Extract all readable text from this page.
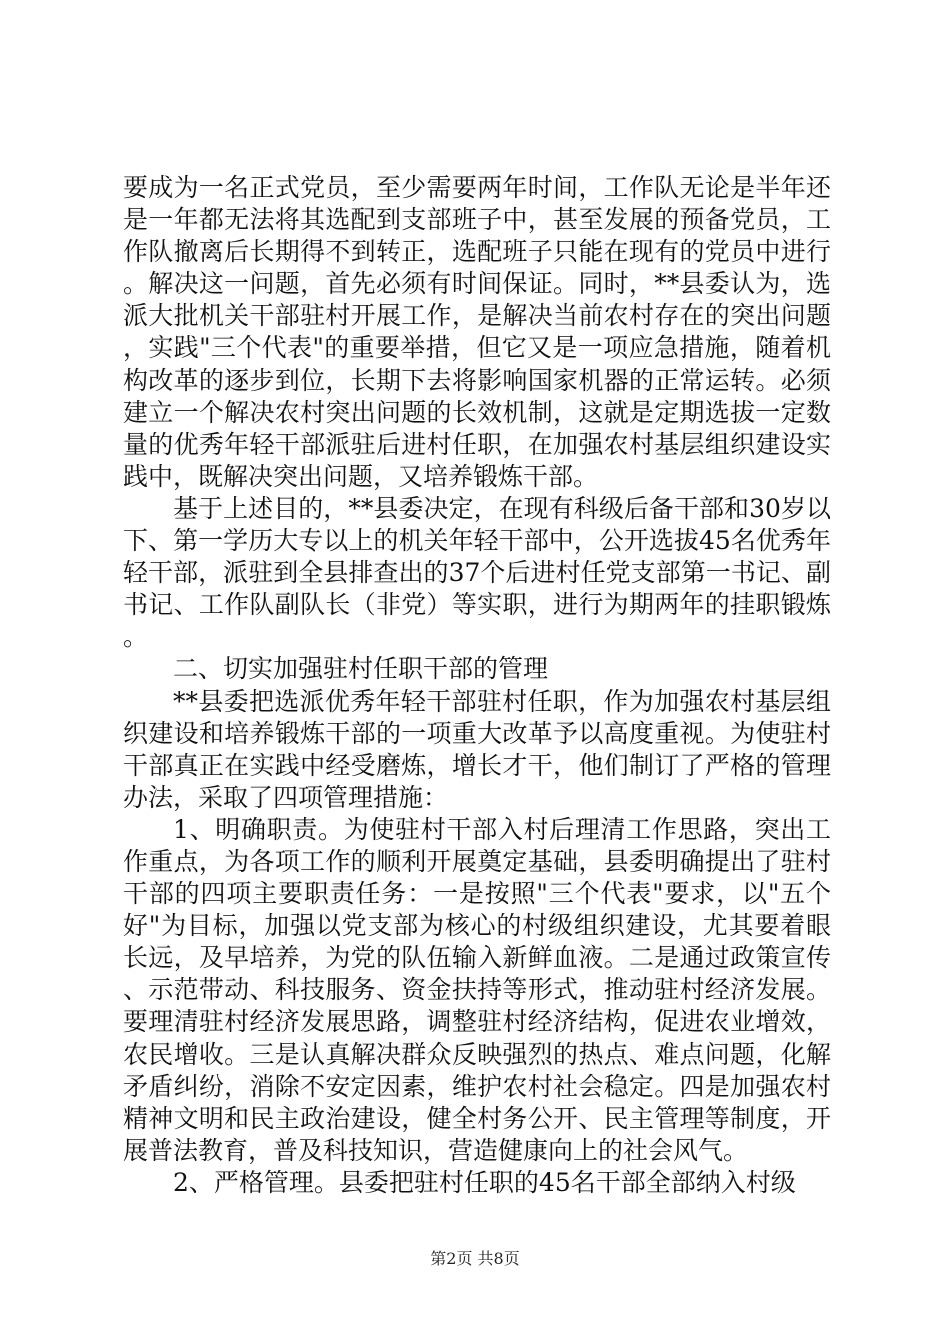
要成为一名正式党员，至少需要两年时间，工作队无论是半年还是一年都无法将其选配到支部班子中，甚至发展的预备党员，工作队撤离后长期得不到转正，选配班子只能在现有的党员中进行。解决这一问题，首先必须有时间保证。同时，**县委认为，选派大批机关干部驻村开展工作，是解决当前农村存在的突出问题，实践"三个代表"的重要举措，但它又是一项应急措施，随着机构改革的逐步到位，长期下去将影响国家机器的正常运转。必须建立一个解决农村突出问题的长效机制，这就是定期选拔一定数量的优秀年轻干部派驻后进村任职，在加强农村基层组织建设实践中，既解决突出问题，又培养锻炼干部。

基于上述目的，**县委决定，在现有科级后备干部和30岁以下、第一学历大专以上的机关年轻干部中，公开选拔45名优秀年轻干部，派驻到全县排查出的37个后进村任党支部第一书记、副书记、工作队副队长（非党）等实职，进行为期两年的挂职锻炼。

二、切实加强驻村任职干部的管理

**县委把选派优秀年轻干部驻村任职，作为加强农村基层组织建设和培养锻炼干部的一项重大改革予以高度重视。为使驻村干部真正在实践中经受磨炼，增长才干，他们制订了严格的管理办法，采取了四项管理措施：

1、明确职责。为使驻村干部入村后理清工作思路，突出工作重点，为各项工作的顺利开展奠定基础，县委明确提出了驻村干部的四项主要职责任务：一是按照"三个代表"要求，以"五个好"为目标，加强以党支部为核心的村级组织建设，尤其要着眼长远，及早培养，为党的队伍输入新鲜血液。二是通过政策宣传、示范带动、科技服务、资金扶持等形式，推动驻村经济发展。要理清驻村经济发展思路，调整驻村经济结构，促进农业增效，农民增收。三是认真解决群众反映强烈的热点、难点问题，化解矛盾纠纷，消除不安定因素，维护农村社会稳定。四是加强农村精神文明和民主政治建设，健全村务公开、民主管理等制度，开展普法教育，普及科技知识，营造健康向上的社会风气。

2、严格管理。县委把驻村任职的45名干部全部纳入村级

第2页 共8页
